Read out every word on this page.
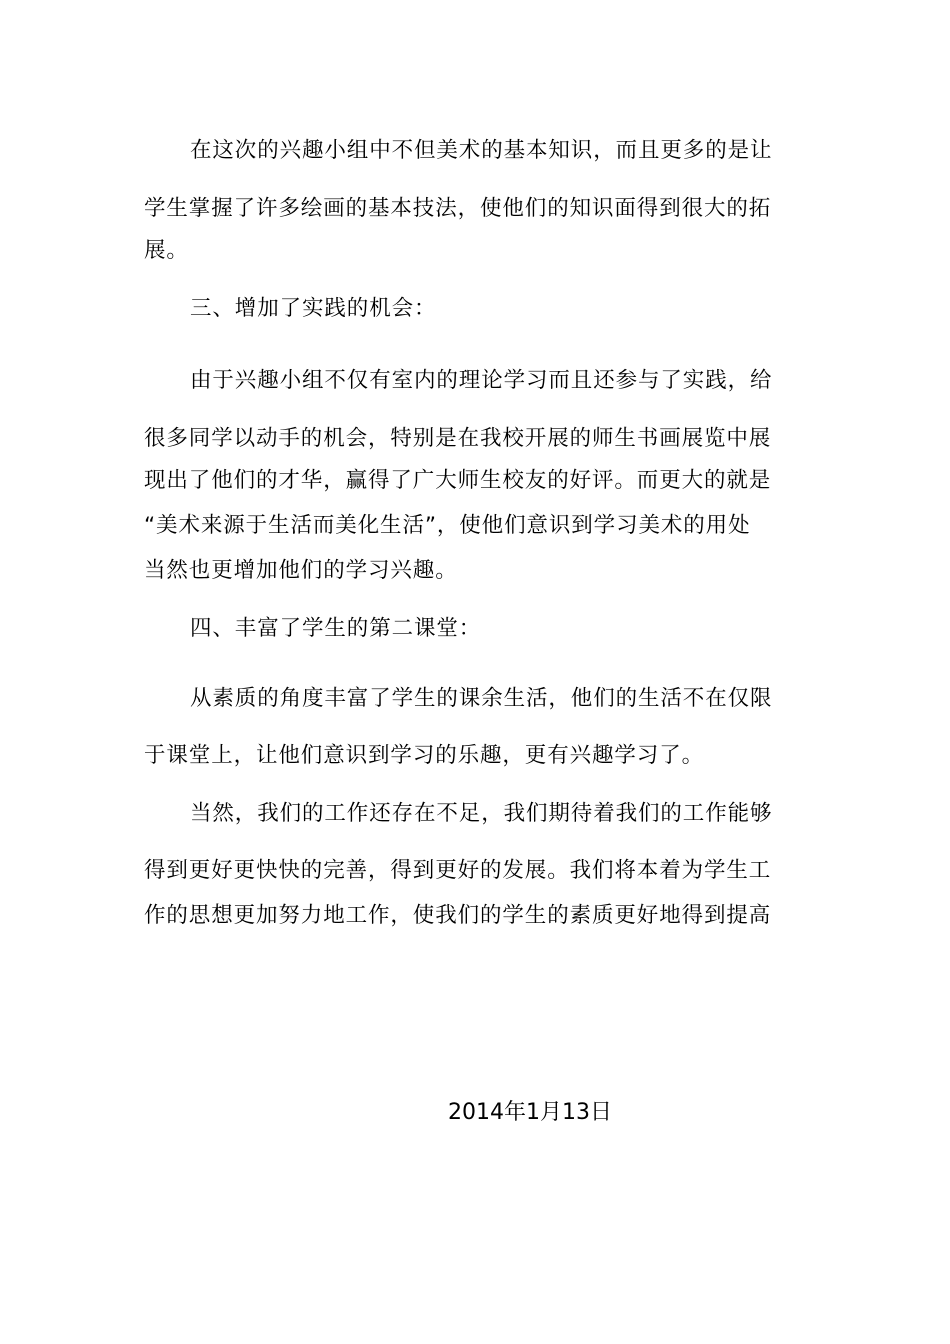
在这次的兴趣小组中不但美术的基本知识，而且更多的是让
学生掌握了许多绘画的基本技法，使他们的知识面得到很大的拓
展。
三、增加了实践的机会：
由于兴趣小组不仅有室内的理论学习而且还参与了实践，给
很多同学以动手的机会，特别是在我校开展的师生书画展览中展
现出了他们的才华，赢得了广大师生校友的好评。而更大的就是
“美术来源于生活而美化生活”，使他们意识到学习美术的用处
当然也更增加他们的学习兴趣。
四、丰富了学生的第二课堂：
从素质的角度丰富了学生的课余生活，他们的生活不在仅限
于课堂上，让他们意识到学习的乐趣，更有兴趣学习了。
当然，我们的工作还存在不足，我们期待着我们的工作能够
得到更好更快快的完善，得到更好的发展。我们将本着为学生工
作的思想更加努力地工作，使我们的学生的素质更好地得到提高
2014年1月13日
